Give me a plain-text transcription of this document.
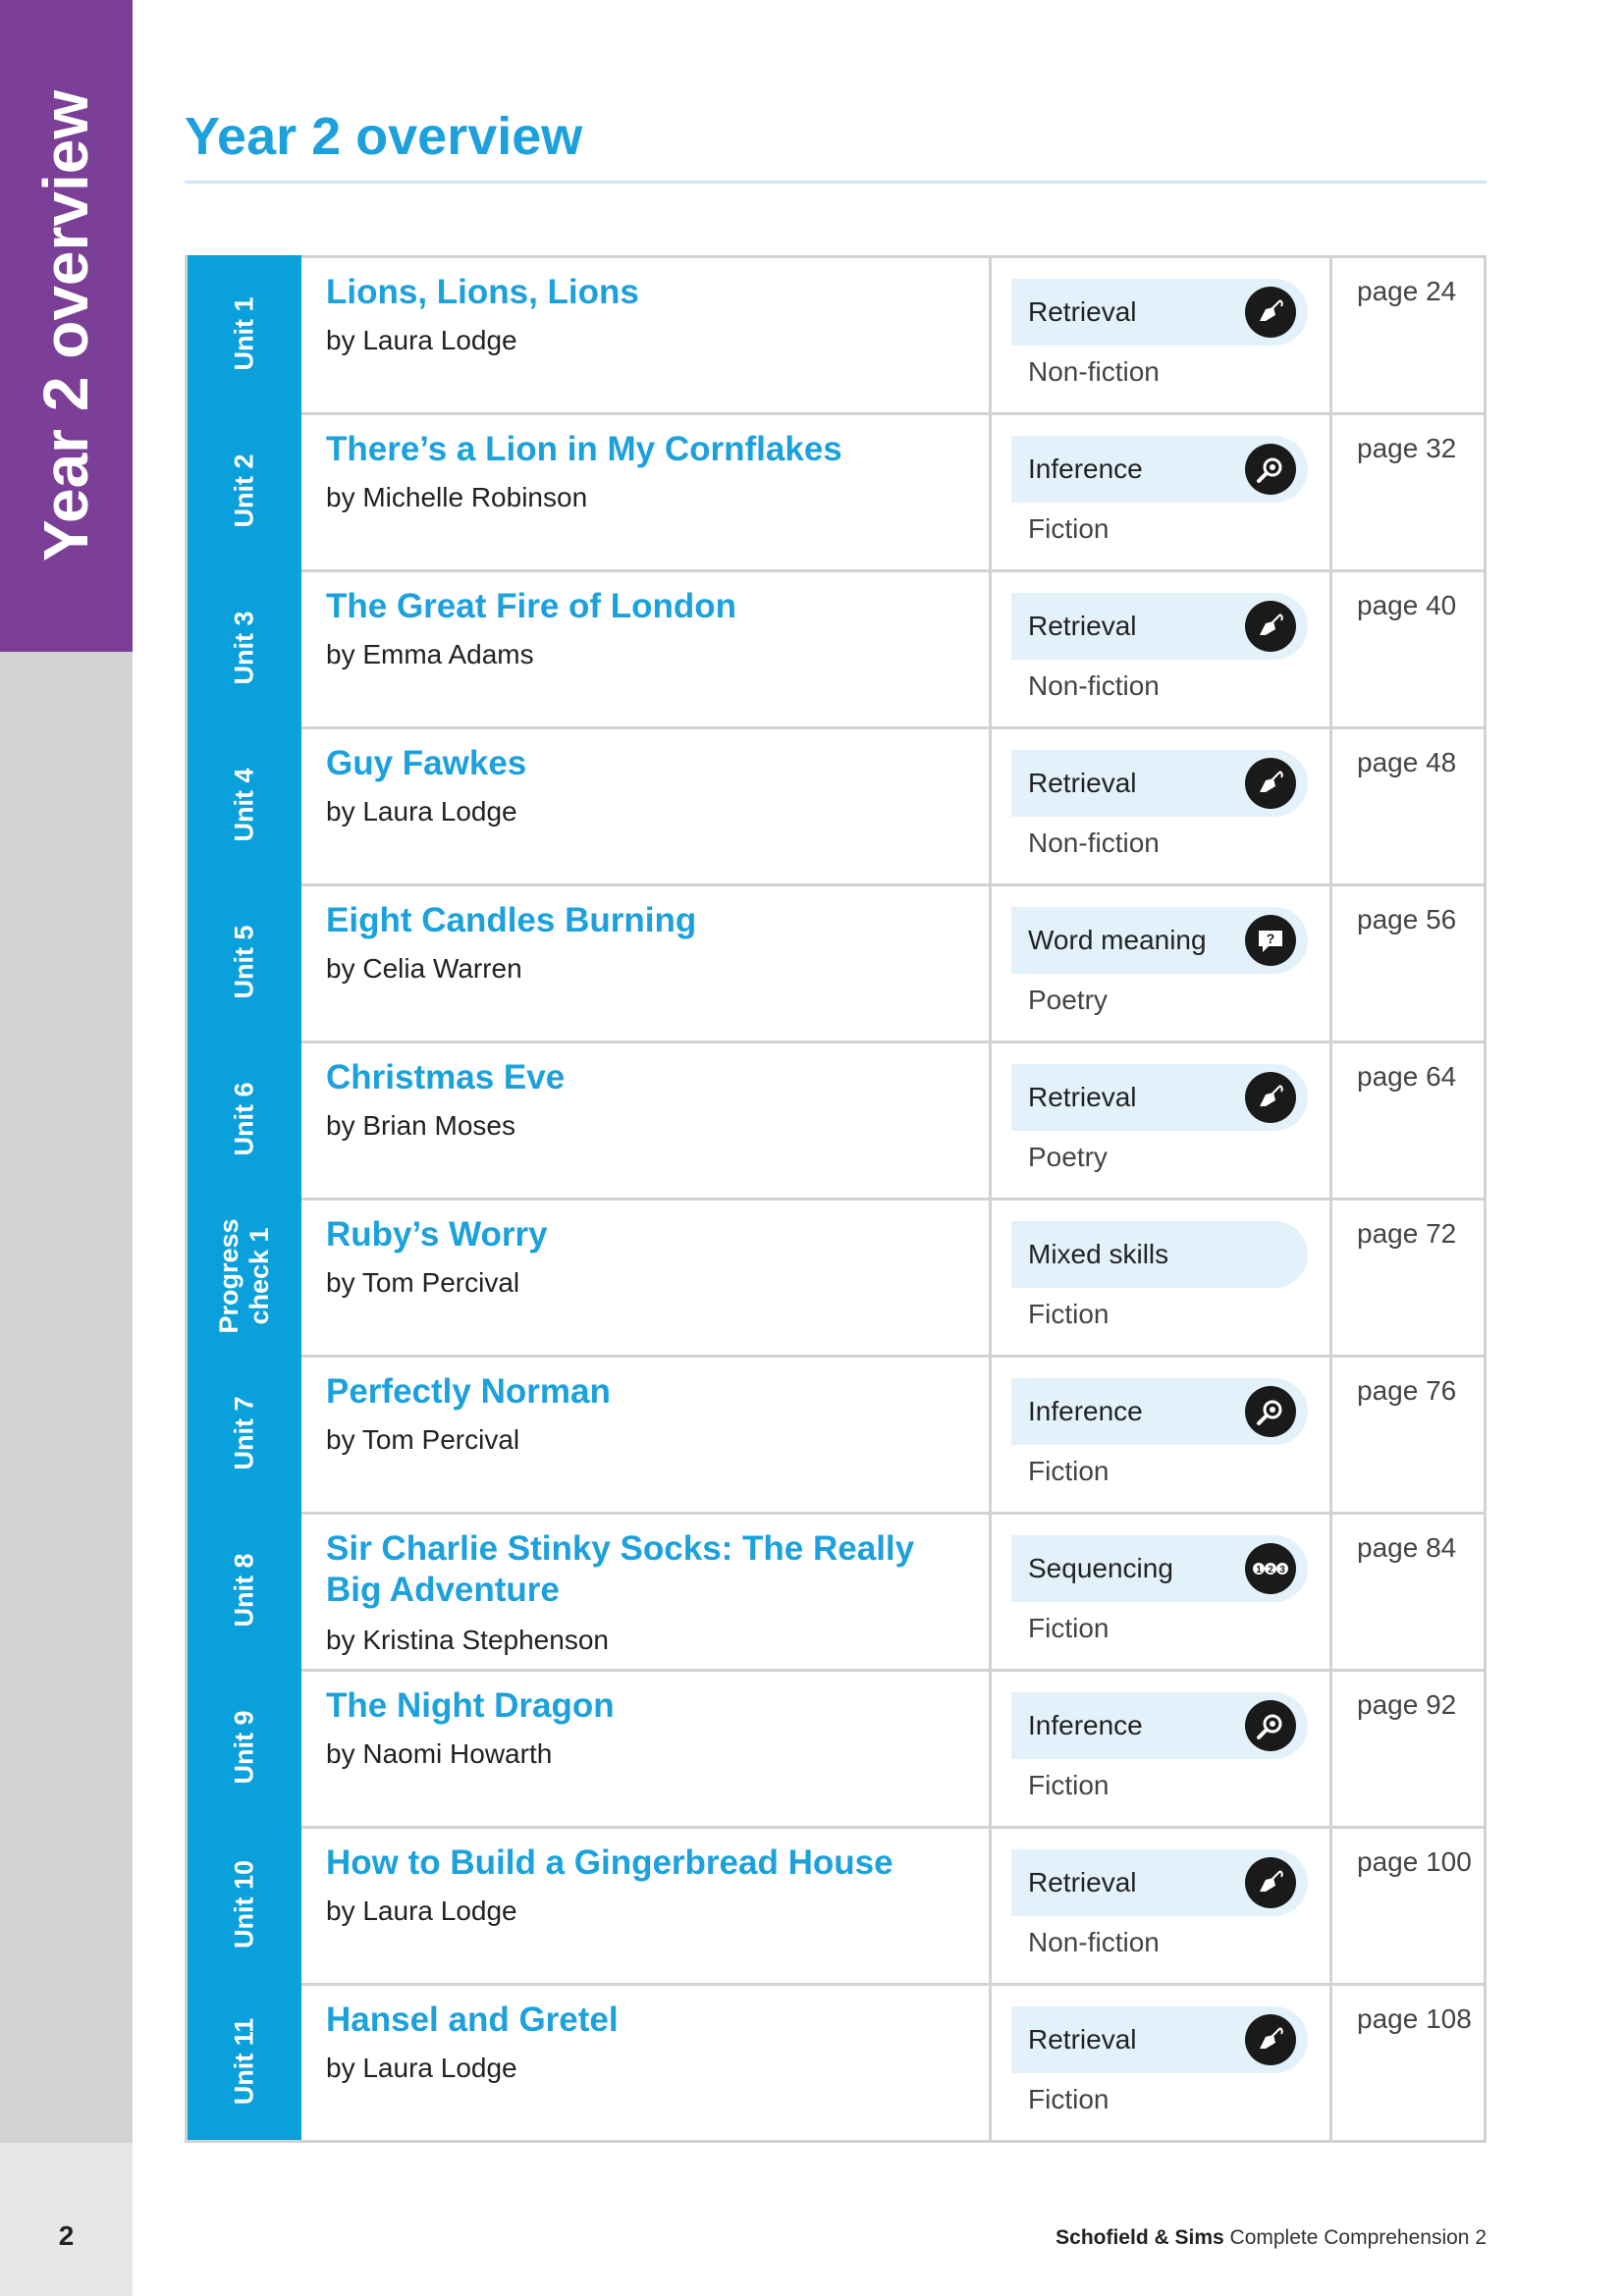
Year 2 overview
2
Year 2 overview
Unit 1
Lions, Lions, Lions
by Laura Lodge
Retrieval
Non-fiction
page 24
Unit 2
There’s a Lion in My Cornflakes
by Michelle Robinson
Inference
Fiction
page 32
Unit 3
The Great Fire of London
by Emma Adams
Retrieval
Non-fiction
page 40
Unit 4
Guy Fawkes
by Laura Lodge
Retrieval
Non-fiction
page 48
Unit 5
Eight Candles Burning
by Celia Warren
Word meaning	?
Poetry
page 56
Unit 6
Christmas Eve
by Brian Moses
Retrieval
Poetry
page 64
Progress
check 1 Ruby’s Worry
by Tom Percival
Mixed skills
Fiction
page 72
Unit 7
Perfectly Norman
by Tom Percival
Inference
Fiction
page 76
Unit 8
Sir Charlie Stinky Socks: The Really Big Adventure
by Kristina Stephenson
Sequencing	1 2 3
Fiction
page 84
Unit 9
The Night Dragon
by Naomi Howarth
Inference
Fiction
page 92
Unit 10 How to Build a Gingerbread House
by Laura Lodge
Retrieval
Non-fiction
page 100
Unit 11 Hansel and Gretel
by Laura Lodge
Retrieval
Fiction
page 108
Schofield & Sims Complete Comprehension 2
